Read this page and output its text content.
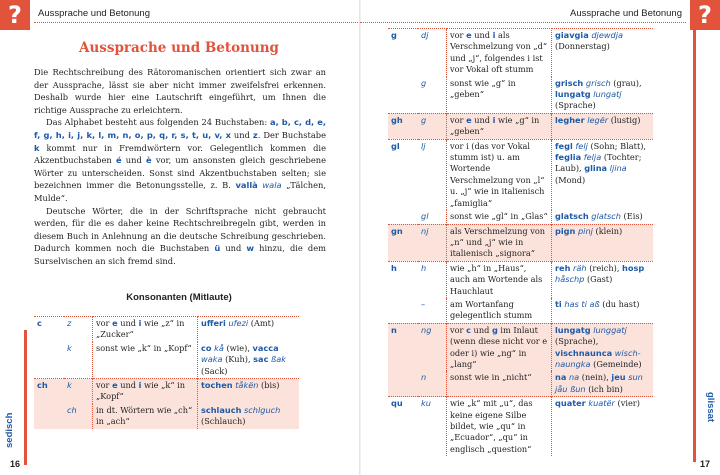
?	Aussprache und Betonung
Aussprache und Betonung

Die Rechtschreibung des Rätoromanischen orientiert sich zwar an der Aussprache, lässt sie aber nicht immer zweifelsfrei erkennen. Deshalb wurde hier eine Lautschrift eingeführt, um Ihnen die richtige Aussprache zu erleichtern.

Das Alphabet besteht aus folgenden 24 Buchstaben: a, b, c, d, e, f, g, h, i, j, k, l, m, n, o, p, q, r, s, t, u, v, x und z. Der Buchstabe k kommt nur in Fremdwörtern vor. Gelegentlich kommen die Akzentbuchstaben é und è vor, um ansonsten gleich geschriebene Wörter zu unterscheiden. Sonst sind Akzentbuchstaben selten; sie bezeichnen immer die Betonungsstelle, z. B. vallà wala „Tälchen, Mulde“.

Deutsche Wörter, die in der Schriftsprache nicht gebraucht werden, für die es daher keine Rechtschreibregeln gibt, werden in diesem Buch in Anlehnung an die deutsche Schreibung geschrieben. Dadurch kommen noch die Buchstaben ü und w hinzu, die dem Surselvischen an sich fremd sind.

Konsonanten (Mitlaute)
c	z	vor e und i wie „z“ in „Zucker“	ufferi ufezi (Amt)
	k	sonst wie „k“ in „Kopf“	co kå (wie), vacca waka (Kuh), sac ßak (Sack)
ch	k	vor e und i wie „k“ in „Kopf“	tochen tåkën (bis)
	ch	in dt. Wörtern wie „ch“ in „ach“	schlauch schlguch (Schlauch)
sedisch
16
?
Aussprache und Betonung
glissat
17
g	dj	vor e und i als Verschmelzung von „d“ und „j“, folgendes i ist vor Vokal oft stumm	giavgia djewdja (Donnerstag)
	g	sonst wie „g“ in „geben“	grisch grisch (grau), lungatg lungatj (Sprache)
gh	g	vor e und i wie „g“ in „geben“	legher legër (lustig)
gl	lj	vor i (das vor Vokal stumm ist) u. am Wortende Verschmelzung von „l“ u. „j“ wie in italienisch „famiglia“	fegl felj (Sohn; Blatt), feglia felja (Tochter; Laub), glina ljina (Mond)
	gl	sonst wie „gl“ in „Glas“	glatsch glatsch (Eis)
gn	nj	als Verschmelzung von „n“ und „j“ wie in italienisch „signora“	pign pinj (klein)
h	h	wie „h“ in „Haus“, auch am Wortende als Hauchlaut	reh räh (reich), hosp håschp (Gast)
	–	am Wortanfang gelegentlich stumm	ti has ti aß (du hast)
n	ng	vor c und g im Inlaut (wenn diese nicht vor e oder i) wie „ng“ in „lang“	lungatg lunggatj (Sprache), vischnaunca wisch-naungka (Gemeinde)
	n	sonst wie in „nicht“	na na (nein), jeu sun jåu ßun (ich bin)
qu	ku	wie „k“ mit „u“, das keine eigene Silbe bildet, wie „qu“ in „Ecuador“, „qu“ in englisch „question“	quater kuatër (vier)
